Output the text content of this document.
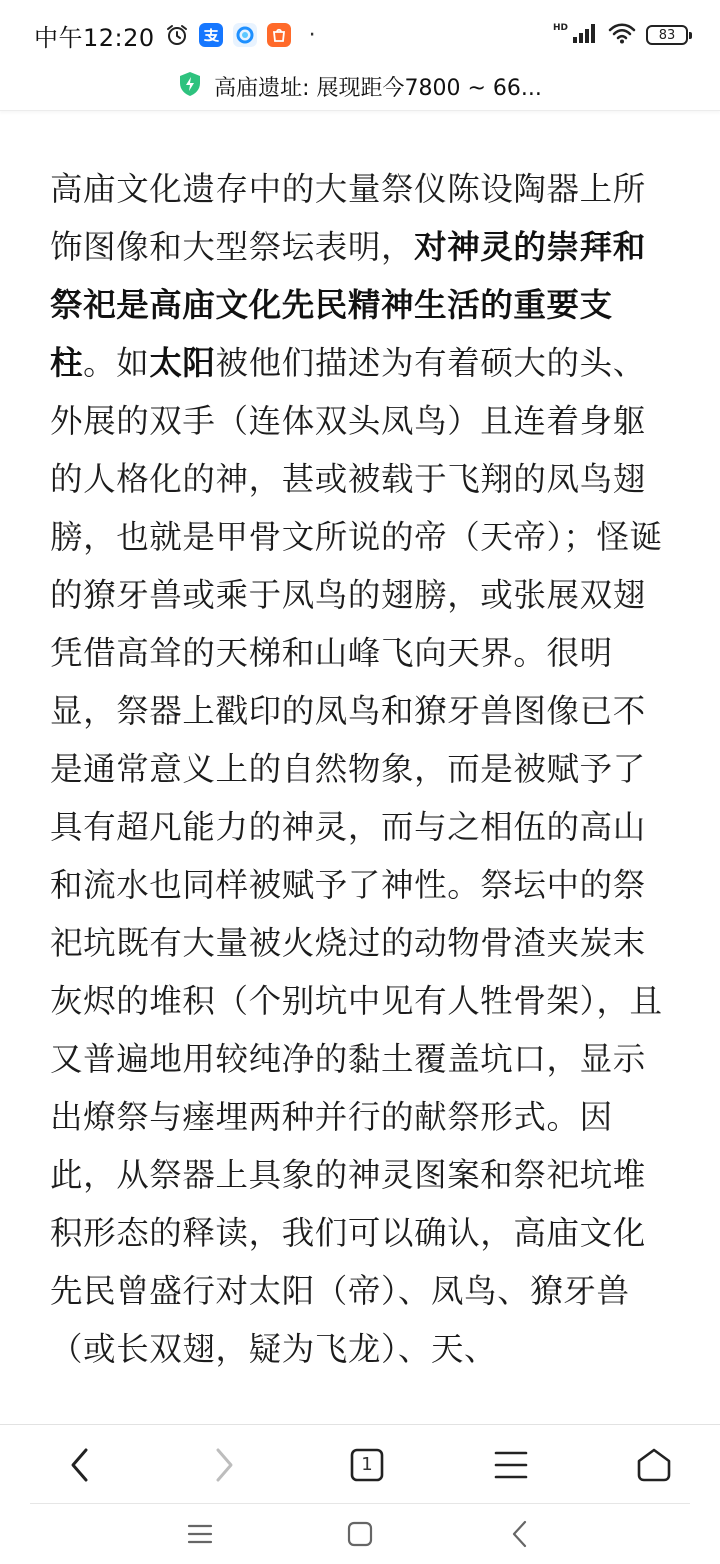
中午12:20	·	HD	83
高庙遗址: 展现距今7800 ~ 66...

高庙文化遗存中的大量祭仪陈设陶器上所饰图像和大型祭坛表明，对神灵的崇拜和祭祀是高庙文化先民精神生活的重要支柱。如太阳被他们描述为有着硕大的头、外展的双手（连体双头凤鸟）且连着身躯的人格化的神，甚或被载于飞翔的凤鸟翅膀，也就是甲骨文所说的帝（天帝）；怪诞的獠牙兽或乘于凤鸟的翅膀，或张展双翅凭借高耸的天梯和山峰飞向天界。很明显，祭器上戳印的凤鸟和獠牙兽图像已不是通常意义上的自然物象，而是被赋予了具有超凡能力的神灵，而与之相伍的高山和流水也同样被赋予了神性。祭坛中的祭祀坑既有大量被火烧过的动物骨渣夹炭末灰烬的堆积（个别坑中见有人牲骨架），且又普遍地用较纯净的黏土覆盖坑口，显示出燎祭与瘗埋两种并行的献祭形式。因此，从祭器上具象的神灵图案和祭祀坑堆积形态的释读，我们可以确认，高庙文化先民曾盛行对太阳（帝）、凤鸟、獠牙兽（或长双翅，疑为飞龙）、天、

1
